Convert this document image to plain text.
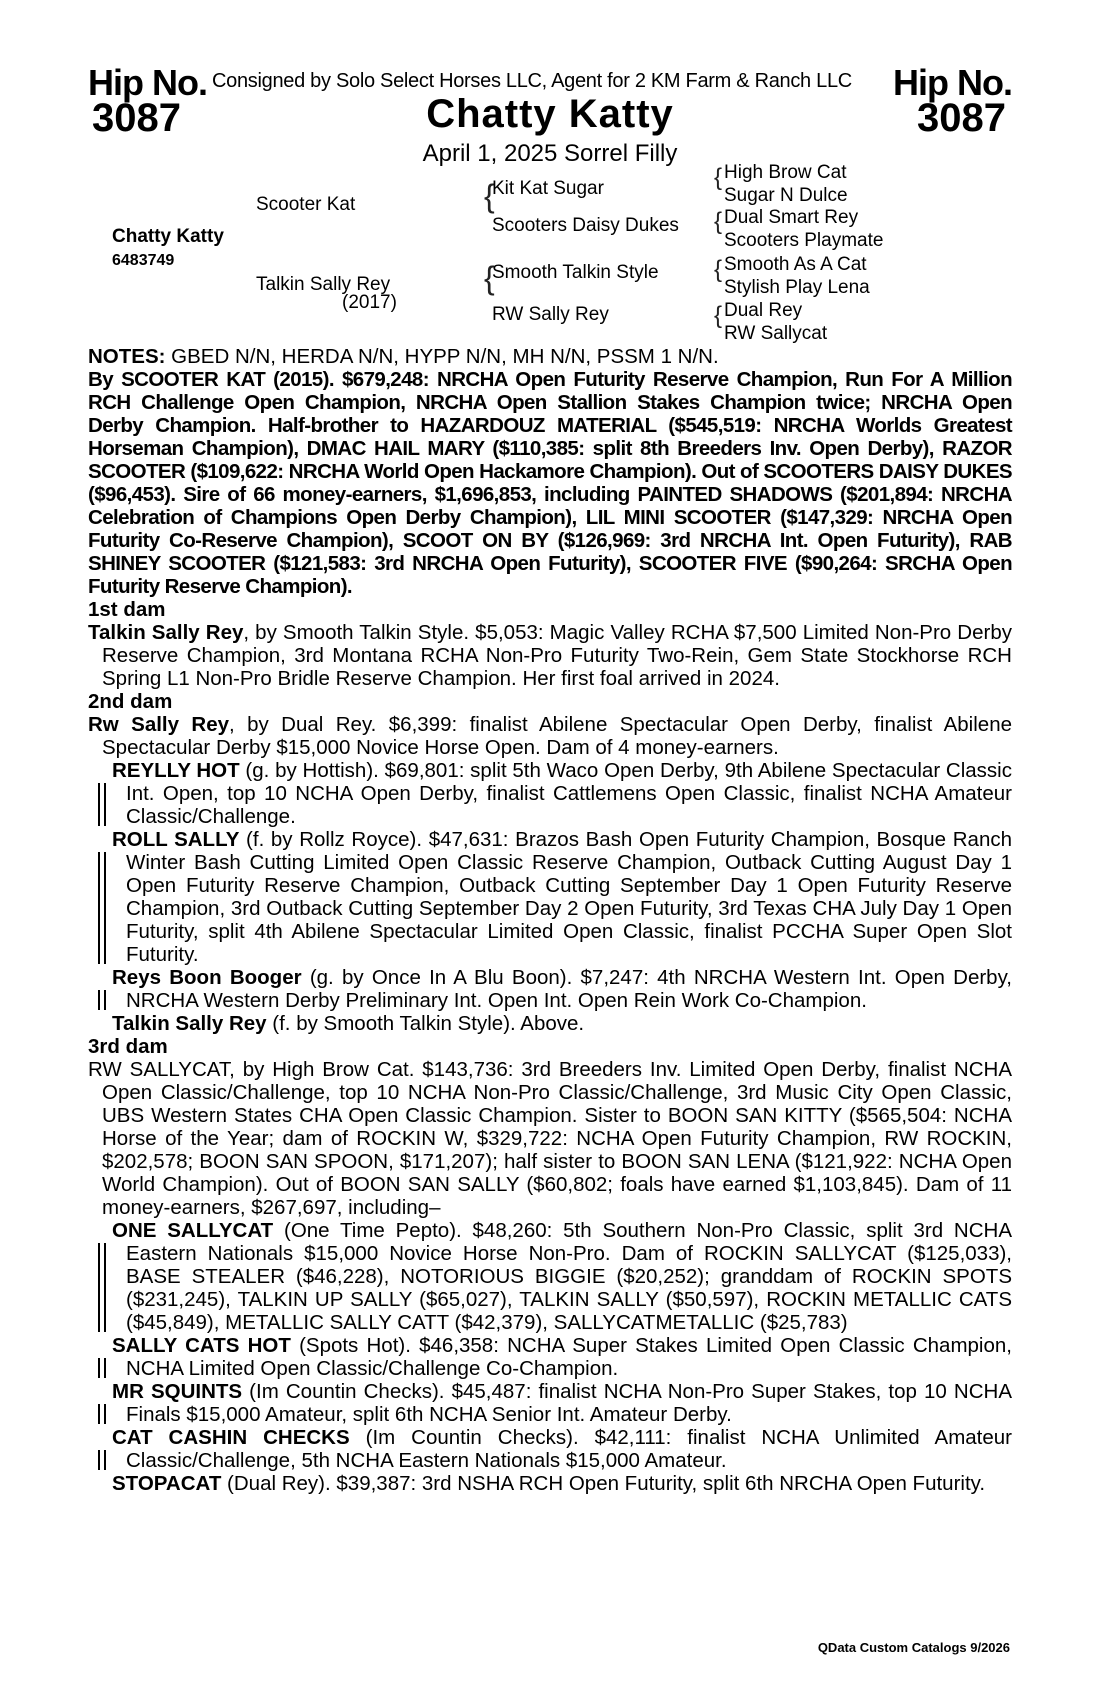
Hip No.
3087
Consigned by Solo Select Horses LLC, Agent for 2 KM Farm & Ranch LLC Hip No.
3087
Chatty Katty
April 1, 2025 Sorrel Filly
Chatty Katty
6483749
Scooter Kat
Talkin Sally Rey
(2017)
{
Kit Kat Sugar
Scooters Daisy Dukes
{
Smooth Talkin Style
RW Sally Rey
{ High Brow Cat
Sugar N Dulce
{ Dual Smart Rey
Scooters Playmate
{ Smooth As A Cat
Stylish Play Lena
{ Dual Rey
RW Sallycat

NOTES: GBED N/N, HERDA N/N, HYPP N/N, MH N/N, PSSM 1 N/N.

By SCOOTER KAT (2015). $679,248: NRCHA Open Futurity Reserve Champion, Run For A Million RCH Challenge Open Champion, NRCHA Open Stallion Stakes Champion twice; NRCHA Open Derby Champion. Half-brother to HAZARDOUZ MATERIAL ($545,519: NRCHA Worlds Greatest Horseman Champion), DMAC HAIL MARY ($110,385: split 8th Breeders Inv. Open Derby), RAZOR SCOOTER ($109,622: NRCHA World Open Hackamore Champion). Out of SCOOTERS DAISY DUKES ($96,453). Sire of 66 money-earners, $1,696,853, including PAINTED SHADOWS ($201,894: NRCHA Celebration of Champions Open Derby Champion), LIL MINI SCOOTER ($147,329: NRCHA Open Futurity Co-Reserve Champion), SCOOT ON BY ($126,969: 3rd NRCHA Int. Open Futurity), RAB SHINEY SCOOTER ($121,583: 3rd NRCHA Open Futurity), SCOOTER FIVE ($90,264: SRCHA Open Futurity Reserve Champion).

1st dam

Talkin Sally Rey, by Smooth Talkin Style. $5,053: Magic Valley RCHA $7,500 Limited Non-Pro Derby Reserve Champion, 3rd Montana RCHA Non-Pro Futurity Two-Rein, Gem State Stockhorse RCH Spring L1 Non-Pro Bridle Reserve Champion. Her first foal arrived in 2024.

2nd dam

Rw Sally Rey, by Dual Rey. $6,399: finalist Abilene Spectacular Open Derby, finalist Abilene Spectacular Derby $15,000 Novice Horse Open. Dam of 4 money-earners.

REYLLY HOT (g. by Hottish). $69,801: split 5th Waco Open Derby, 9th Abilene Spectacular Classic Int. Open, top 10 NCHA Open Derby, finalist Cattlemens Open Classic, finalist NCHA Amateur Classic/Challenge.

ROLL SALLY (f. by Rollz Royce). $47,631: Brazos Bash Open Futurity Champion, Bosque Ranch Winter Bash Cutting Limited Open Classic Reserve Champion, Outback Cutting August Day 1 Open Futurity Reserve Champion, Outback Cutting September Day 1 Open Futurity Reserve Champion, 3rd Outback Cutting September Day 2 Open Futurity, 3rd Texas CHA July Day 1 Open Futurity, split 4th Abilene Spectacular Limited Open Classic, finalist PCCHA Super Open Slot Futurity.

Reys Boon Booger (g. by Once In A Blu Boon). $7,247: 4th NRCHA Western Int. Open Derby, NRCHA Western Derby Preliminary Int. Open Int. Open Rein Work Co-Champion.

Talkin Sally Rey (f. by Smooth Talkin Style). Above.

3rd dam

RW SALLYCAT, by High Brow Cat. $143,736: 3rd Breeders Inv. Limited Open Derby, finalist NCHA Open Classic/Challenge, top 10 NCHA Non-Pro Classic/Challenge, 3rd Music City Open Classic, UBS Western States CHA Open Classic Champion. Sister to BOON SAN KITTY ($565,504: NCHA Horse of the Year; dam of ROCKIN W, $329,722: NCHA Open Futurity Champion, RW ROCKIN, $202,578; BOON SAN SPOON, $171,207); half sister to BOON SAN LENA ($121,922: NCHA Open World Champion). Out of BOON SAN SALLY ($60,802; foals have earned $1,103,845). Dam of 11 money-earners, $267,697, including–

ONE SALLYCAT (One Time Pepto). $48,260: 5th Southern Non-Pro Classic, split 3rd NCHA Eastern Nationals $15,000 Novice Horse Non-Pro. Dam of ROCKIN SALLYCAT ($125,033), BASE STEALER ($46,228), NOTORIOUS BIGGIE ($20,252); granddam of ROCKIN SPOTS ($231,245), TALKIN UP SALLY ($65,027), TALKIN SALLY ($50,597), ROCKIN METALLIC CATS ($45,849), METALLIC SALLY CATT ($42,379), SALLYCATMETALLIC ($25,783)

SALLY CATS HOT (Spots Hot). $46,358: NCHA Super Stakes Limited Open Classic Champion, NCHA Limited Open Classic/Challenge Co-Champion.

MR SQUINTS (Im Countin Checks). $45,487: finalist NCHA Non-Pro Super Stakes, top 10 NCHA Finals $15,000 Amateur, split 6th NCHA Senior Int. Amateur Derby.

CAT CASHIN CHECKS (Im Countin Checks). $42,111: finalist NCHA Unlimited Amateur Classic/Challenge, 5th NCHA Eastern Nationals $15,000 Amateur.

STOPACAT (Dual Rey). $39,387: 3rd NSHA RCH Open Futurity, split 6th NRCHA Open Futurity.

QData Custom Catalogs 9/2026
